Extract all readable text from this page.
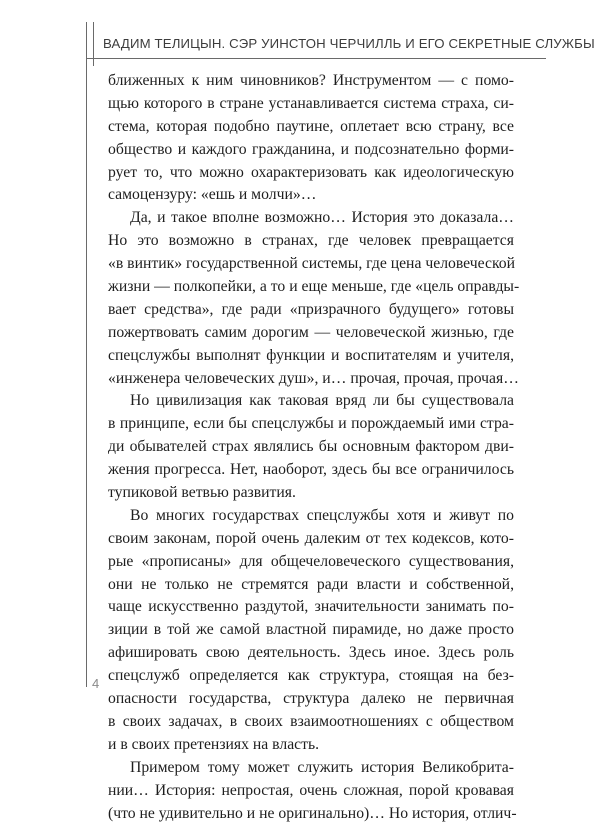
ВАДИМ ТЕЛИЦЫН. СЭР УИНСТОН ЧЕРЧИЛЛЬ И ЕГО СЕКРЕТНЫЕ СЛУЖБЫ
ближенных к ним чиновников? Инструментом — с помо-
щью которого в стране устанавливается система страха, си-
стема, которая подобно паутине, оплетает всю страну, все
общество и каждого гражданина, и подсознательно форми-
рует то, что можно охарактеризовать как идеологическую
самоцензуру: «ешь и молчи»…
Да, и такое вполне возможно… История это доказала…
Но это возможно в странах, где человек превращается
«в винтик» государственной системы, где цена человеческой
жизни — полкопейки, а то и еще меньше, где «цель оправды-
вает средства», где ради «призрачного будущего» готовы
пожертвовать самим дорогим — человеческой жизнью, где
спецслужбы выполнят функции и воспитателям и учителя,
«инженера человеческих душ», и… прочая, прочая, прочая…
Но цивилизация как таковая вряд ли бы существовала
в принципе, если бы спецслужбы и порождаемый ими стра-
ди обывателей страх являлись бы основным фактором дви-
жения прогресса. Нет, наоборот, здесь бы все ограничилось
тупиковой ветвью развития.
Во многих государствах спецслужбы хотя и живут по
своим законам, порой очень далеким от тех кодексов, кото-
рые «прописаны» для общечеловеческого существования,
они не только не стремятся ради власти и собственной,
чаще искусственно раздутой, значительности занимать по-
зиции в той же самой властной пирамиде, но даже просто
афишировать свою деятельность. Здесь иное. Здесь роль
спецслужб определяется как структура, стоящая на без-
опасности государства, структура далеко не первичная
в своих задачах, в своих взаимоотношениях с обществом
и в своих претензиях на власть.
Примером тому может служить история Великобрита-
нии… История: непростая, очень сложная, порой кровавая
(что не удивительно и не оригинально)… Но история, отлич-
4
